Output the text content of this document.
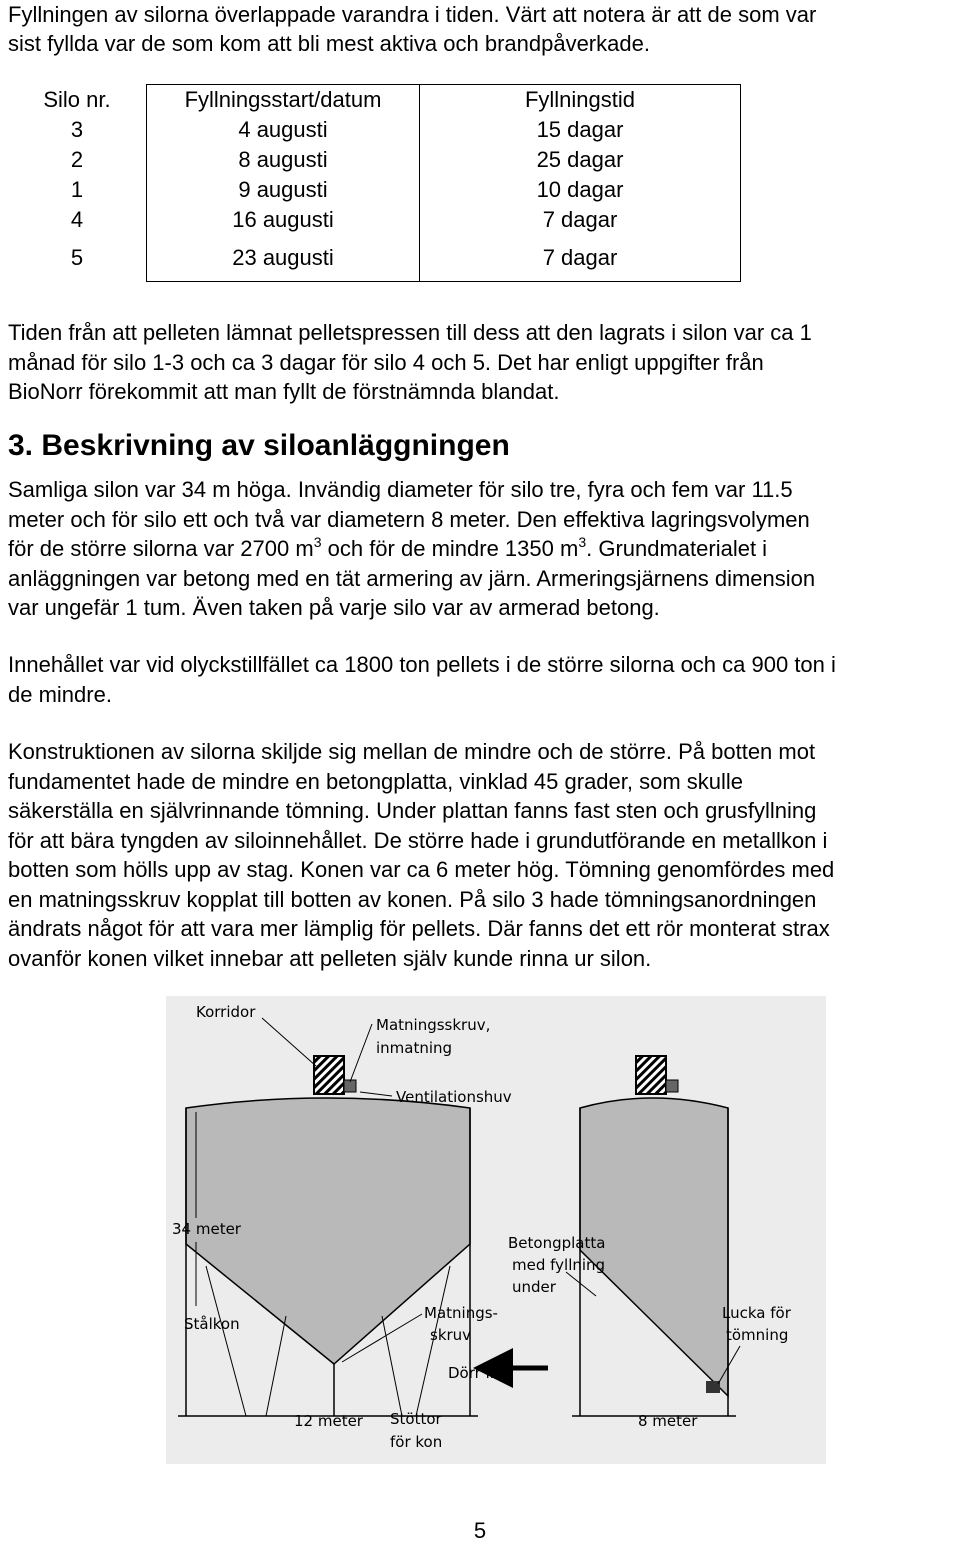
Fyllningen av silorna överlappade varandra i tiden. Värt att notera är att de som var
sist fyllda var de som kom att bli mest aktiva och brandpåverkade.
Silo nr.	Fyllningsstart/datum	Fyllningstid
3	4 augusti	15 dagar
2	8 augusti	25 dagar
1	9 augusti	10 dagar
4	16 augusti	7 dagar
5	23 augusti	7 dagar
Tiden från att pelleten lämnat pelletspressen till dess att den lagrats i silon var ca 1
månad för silo 1-3 och ca 3 dagar för silo 4 och 5. Det har enligt uppgifter från
BioNorr förekommit att man fyllt de förstnämnda blandat.
3. Beskrivning av siloanläggningen
Samliga silon var 34 m höga. Invändig diameter för silo tre, fyra och fem var 11.5
meter och för silo ett och två var diametern 8 meter. Den effektiva lagringsvolymen
för de större silorna var 2700 $m^3$ och för de mindre 1350 $m^3$. Grundmaterialet i
anläggningen var betong med en tät armering av järn. Armeringsjärnens dimension
var ungefär 1 tum. Även taken på varje silo var av armerad betong.
Innehållet var vid olyckstillfället ca 1800 ton pellets i de större silorna och ca 900 ton i
de mindre.
Konstruktionen av silorna skiljde sig mellan de mindre och de större. På botten mot
fundamentet hade de mindre en betongplatta, vinklad 45 grader, som skulle
säkerställa en självrinnande tömning. Under plattan fanns fast sten och grusfyllning
för att bära tyngden av siloinnehållet. De större hade i grundutförande en metallkon i
botten som hölls upp av stag. Konen var ca 6 meter hög. Tömning genomfördes med
en matningsskruv kopplat till botten av konen. På silo 3 hade tömningsanordningen
ändrats något för att vara mer lämplig för pellets. Där fanns det ett rör monterat strax
ovanför konen vilket innebar att pelleten själv kunde rinna ur silon.
Korridor
Matningsskruv,
inmatning
Ventilationshuv
34 meter
Stålkon
Matnings-
skruv
Dörr in
12 meter Stöttor
för kon
Betongplatta
med fyllning
under
Lucka för
tömning
8 meter
5
